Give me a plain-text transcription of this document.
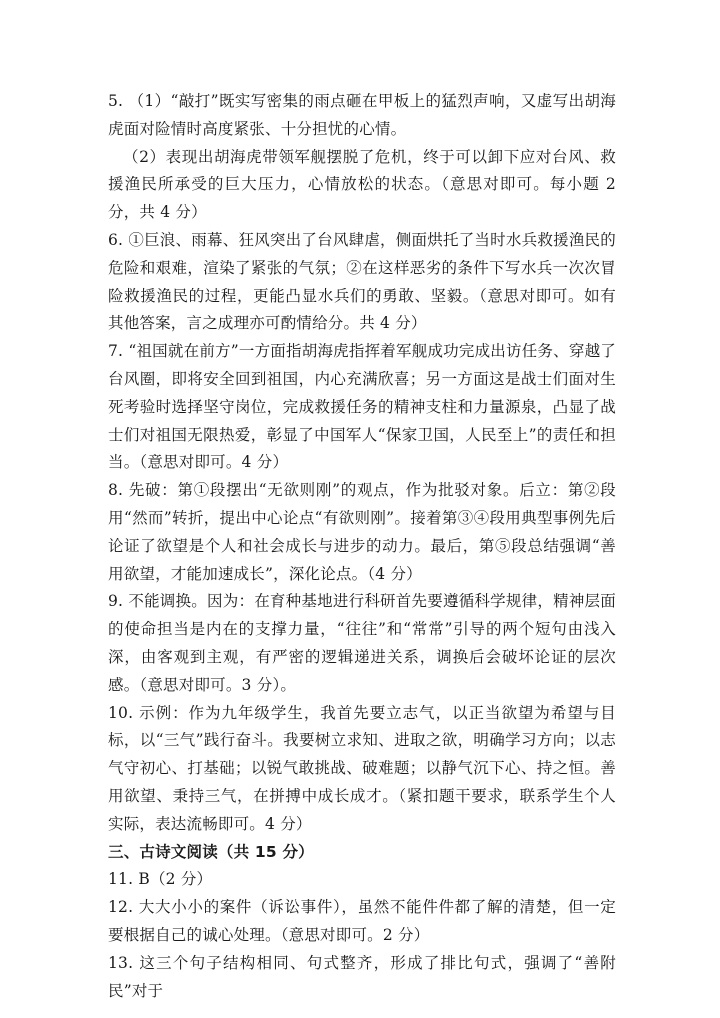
5. （1）“敲打”既实写密集的雨点砸在甲板上的猛烈声响，又虚写出胡海虎面对险情时高度紧张、十分担忧的心情。

（2）表现出胡海虎带领军舰摆脱了危机，终于可以卸下应对台风、救援渔民所承受的巨大压力，心情放松的状态。（意思对即可。每小题 2 分，共 4 分）

6. ①巨浪、雨幕、狂风突出了台风肆虐，侧面烘托了当时水兵救援渔民的危险和艰难，渲染了紧张的气氛；②在这样恶劣的条件下写水兵一次次冒险救援渔民的过程，更能凸显水兵们的勇敢、坚毅。（意思对即可。如有其他答案，言之成理亦可酌情给分。共 4 分）

7. “祖国就在前方”一方面指胡海虎指挥着军舰成功完成出访任务、穿越了台风圈，即将安全回到祖国，内心充满欣喜；另一方面这是战士们面对生死考验时选择坚守岗位，完成救援任务的精神支柱和力量源泉，凸显了战士们对祖国无限热爱，彰显了中国军人“保家卫国，人民至上”的责任和担当。（意思对即可。4 分）

8. 先破：第①段摆出“无欲则刚”的观点，作为批驳对象。后立：第②段用“然而”转折，提出中心论点“有欲则刚”。接着第③④段用典型事例先后论证了欲望是个人和社会成长与进步的动力。最后，第⑤段总结强调“善用欲望，才能加速成长”，深化论点。（4 分）

9. 不能调换。因为：在育种基地进行科研首先要遵循科学规律，精神层面的使命担当是内在的支撑力量，“往往”和“常常”引导的两个短句由浅入深，由客观到主观，有严密的逻辑递进关系，调换后会破坏论证的层次感。（意思对即可。3 分）。

10. 示例：作为九年级学生，我首先要立志气，以正当欲望为希望与目标，以“三气”践行奋斗。我要树立求知、进取之欲，明确学习方向；以志气守初心、打基础；以锐气敢挑战、破难题；以静气沉下心、持之恒。善用欲望、秉持三气，在拼搏中成长成才。（紧扣题干要求，联系学生个人实际，表达流畅即可。4 分）

三、古诗文阅读（共 15 分）

11. B（2 分）

12. 大大小小的案件（诉讼事件），虽然不能件件都了解的清楚，但一定要根据自己的诚心处理。（意思对即可。2 分）

13. 这三个句子结构相同、句式整齐，形成了排比句式，强调了“善附民”对于
